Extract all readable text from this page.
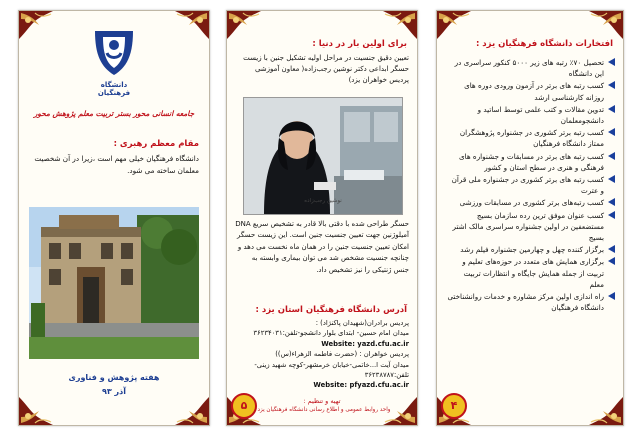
دانشگاه فرهنگیان
جامعه انسانی محور بستر تربیت معلم پژوهش محور
مقام معظم رهبری :
دانشگاه فرهنگیان خیلی مهم است ،زیرا در آن شخصیت معلمان ساخته می شود.
هفته پژوهش و فناوری
آذر ۹۳
برای اولین بار در دنیا :
تعیین دقیق جنسیت در مراحل اولیه تشکیل جنین با زیست حسگر ابداعی دکتر نوشین رجب‌زاده( معاون آموزشی پردیس خواهران یزد)
نوشین رجب‌زاده
حسگر طراحی شده با دقتی بالا قادر به تشخیص سریع DNA آمیلوژنین جهت تعیین جنسیت جنین است. این زیست حسگر امکان تعیین جنسیت جنین را در همان ماه نخست می دهد و چنانچه جنسیت مشخص شد می توان بیماری وابسته به جنس ژنتیکی را نیز تشخیص داد.
آدرس دانشگاه فرهنگیان استان یزد :
پردیس برادران(شهیدان پاکنژاد) :
میدان امام حسین- ابتدای بلوار دانشجو-تلفن:۳۶۲۳۴۰۳۱
Website: yazd.cfu.ac.ir
پردیس خواهران : (حضرت فاطمه الزهراء(س))
میدان آیت ا...خاتمی-خیابان خرمشهر-کوچه شهید زینی-تلفن:۳۶۲۳۸۷۸۷
Website: pfyazd.cfu.ac.ir
تهیه و تنظیم :
واحد روابط عمومی و اطلاع رسانی دانشگاه فرهنگیان یزد
۵
افتخارات دانشگاه فرهنگیان یزد :
تحصیل ۷۰٪ رتبه های زیر ۵۰۰۰ کنکور سراسری در این دانشگاه
کسب رتبه های برتر در آزمون ورودی دوره های روزانه کارشناسی ارشد
تدوین مقالات و کتب علمی توسط اساتید و دانشجومعلمان
کسب رتبه برتر کشوری در جشنواره پژوهشگران ممتاز دانشگاه فرهنگیان
کسب رتبه های برتر در مسابقات و جشنواره های فرهنگی و هنری در سطح استان و کشور
کسب رتبه های برتر کشوری در جشنواره ملی قرآن و عترت
کسب رتبه‌های برتر کشوری در مسابقات ورزشی
کسب عنوان موفق ترین رده سازمان بسیج مستضعفین در اولین جشنواره سراسری مالک اشتر بسیج
برگزار کننده چهل و چهارمین جشنواره فیلم رشد
برگزاری همایش های متعدد در حوزه‌های تعلیم و تربیت از جمله همایش جایگاه و انتظارات تربیت معلم
راه اندازی اولین مرکز مشاوره و خدمات روانشناختی دانشگاه فرهنگیان
۴
